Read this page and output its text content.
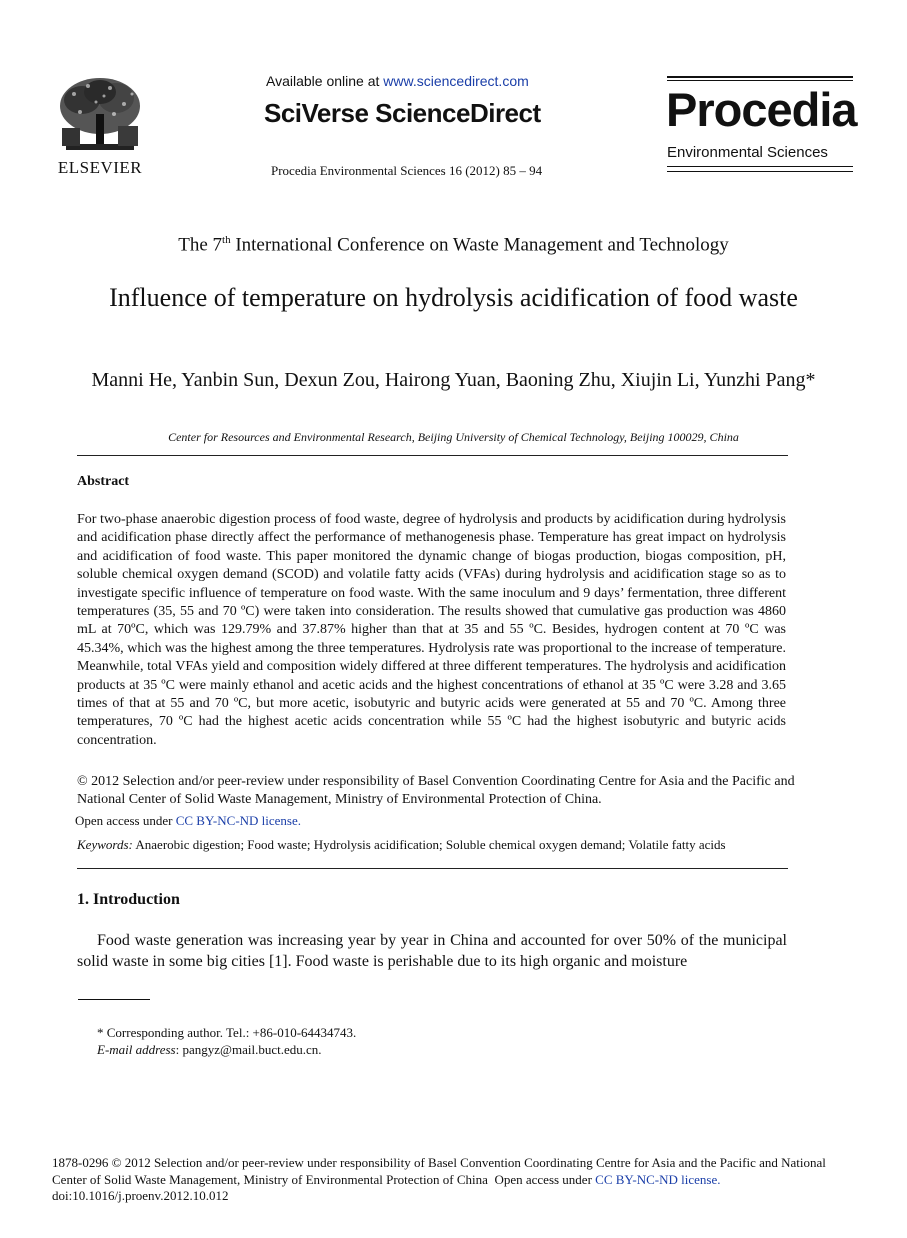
ELSEVIER
Available online at www.sciencedirect.com
SciVerse ScienceDirect
Procedia Environmental Sciences 16 (2012) 85 – 94
Procedia
Environmental Sciences
The 7th International Conference on Waste Management and Technology
Influence of temperature on hydrolysis acidification of food waste
Manni He, Yanbin Sun, Dexun Zou, Hairong Yuan, Baoning Zhu, Xiujin Li, Yunzhi Pang*
Center for Resources and Environmental Research, Beijing University of Chemical Technology, Beijing 100029, China
Abstract
For two-phase anaerobic digestion process of food waste, degree of hydrolysis and products by acidification during hydrolysis and acidification phase directly affect the performance of methanogenesis phase. Temperature has great impact on hydrolysis and acidification of food waste. This paper monitored the dynamic change of biogas production, biogas composition, pH, soluble chemical oxygen demand (SCOD) and volatile fatty acids (VFAs) during hydrolysis and acidification stage so as to investigate specific influence of temperature on food waste. With the same inoculum and 9 days’ fermentation, three different temperatures (35, 55 and 70 ºC) were taken into consideration. The results showed that cumulative gas production was 4860 mL at 70ºC, which was 129.79% and 37.87% higher than that at 35 and 55 ºC. Besides, hydrogen content at 70 ºC was 45.34%, which was the highest among the three temperatures. Hydrolysis rate was proportional to the increase of temperature. Meanwhile, total VFAs yield and composition widely differed at three different temperatures. The hydrolysis and acidification products at 35 ºC were mainly ethanol and acetic acids and the highest concentrations of ethanol at 35 ºC were 3.28 and 3.65 times of that at 55 and 70 ºC, but more acetic, isobutyric and butyric acids were generated at 55 and 70 ºC. Among three temperatures, 70 ºC had the highest acetic acids concentration while 55 ºC had the highest isobutyric and butyric acids concentration.
© 2012 Selection and/or peer-review under responsibility of Basel Convention Coordinating Centre for Asia and the Pacific and National Center of Solid Waste Management, Ministry of Environmental Protection of China.
Open access under CC BY-NC-ND license.
Keywords: Anaerobic digestion; Food waste; Hydrolysis acidification; Soluble chemical oxygen demand; Volatile fatty acids
1. Introduction
Food waste generation was increasing year by year in China and accounted for over 50% of the municipal solid waste in some big cities [1]. Food waste is perishable due to its high organic and moisture
* Corresponding author. Tel.: +86-010-64434743.
E-mail address: pangyz@mail.buct.edu.cn.
1878-0296 © 2012 Selection and/or peer-review under responsibility of Basel Convention Coordinating Centre for Asia and the Pacific and National Center of Solid Waste Management, Ministry of Environmental Protection of China Open access under CC BY-NC-ND license.
doi:10.1016/j.proenv.2012.10.012
